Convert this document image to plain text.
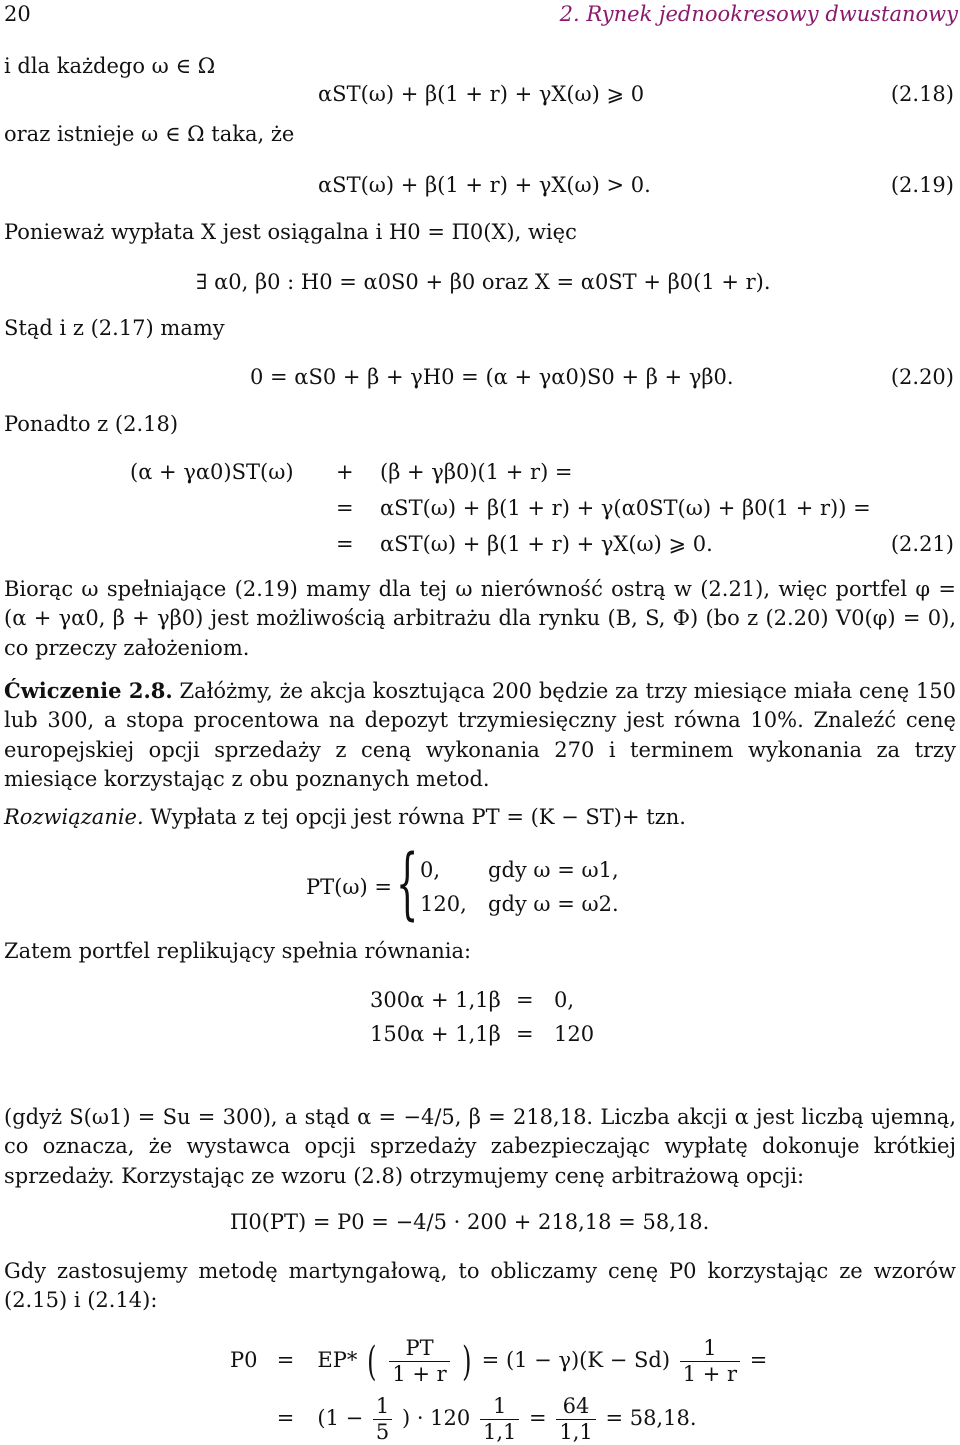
20	2. Rynek jednookresowy dwustanowy
i dla każdego ω ∈ Ω
αST(ω) + β(1 + r) + γX(ω) ⩾ 0	(2.18)
oraz istnieje ω ∈ Ω taka, że
αST(ω) + β(1 + r) + γX(ω) > 0.	(2.19)
Ponieważ wypłata X jest osiągalna i H0 = Π0(X), więc
∃ α0, β0 : H0 = α0S0 + β0 oraz X = α0ST + β0(1 + r).
Stąd i z (2.17) mamy
0 = αS0 + β + γH0 = (α + γα0)S0 + β + γβ0.	(2.20)
Ponadto z (2.18)
(α + γα0)ST(ω) + (β + γβ0)(1 + r) =
= αST(ω) + β(1 + r) + γ(α0ST(ω) + β0(1 + r)) =
= αST(ω) + β(1 + r) + γX(ω) ⩾ 0.	(2.21)
Biorąc ω spełniające (2.19) mamy dla tej ω nierówność ostrą w (2.21), więc portfel φ = (α + γα0, β + γβ0) jest możliwością arbitrażu dla rynku (B, S, Φ) (bo z (2.20) V0(φ) = 0), co przeczy założeniom.
Ćwiczenie 2.8. Załóżmy, że akcja kosztująca 200 będzie za trzy miesiące miała cenę 150 lub 300, a stopa procentowa na depozyt trzymiesięczny jest równa 10%. Znaleźć cenę europejskiej opcji sprzedaży z ceną wykonania 270 i terminem wykonania za trzy miesiące korzystając z obu poznanych metod.
Rozwiązanie. Wypłata z tej opcji jest równa PT = (K − ST)+ tzn.
PT(ω) = { 0, gdy ω = ω1,
120, gdy ω = ω2.
Zatem portfel replikujący spełnia równania:
300α + 1,1β = 0,
150α + 1,1β = 120
(gdyż S(ω1) = Su = 300), a stąd α = −4/5, β = 218,18. Liczba akcji α jest liczbą ujemną, co oznacza, że wystawca opcji sprzedaży zabezpieczając wypłatę dokonuje krótkiej sprzedaży. Korzystając ze wzoru (2.8) otrzymujemy cenę arbitrażową opcji:
Π0(PT) = P0 = −4/5 · 200 + 218,18 = 58,18.
Gdy zastosujemy metodę martyngałową, to obliczamy cenę P0 korzystając ze wzorów (2.15) i (2.14):
P0 = EP* ( $\frac{PT}{1 + r}$ ) = $(1 - \gamma)(K - Sd) \frac{1}{1 + r}$ =
= ($1 - \frac{1}{5}$ ) · $120 \frac{1}{1,1} = \frac{64}{1,1} = 58,18$.
